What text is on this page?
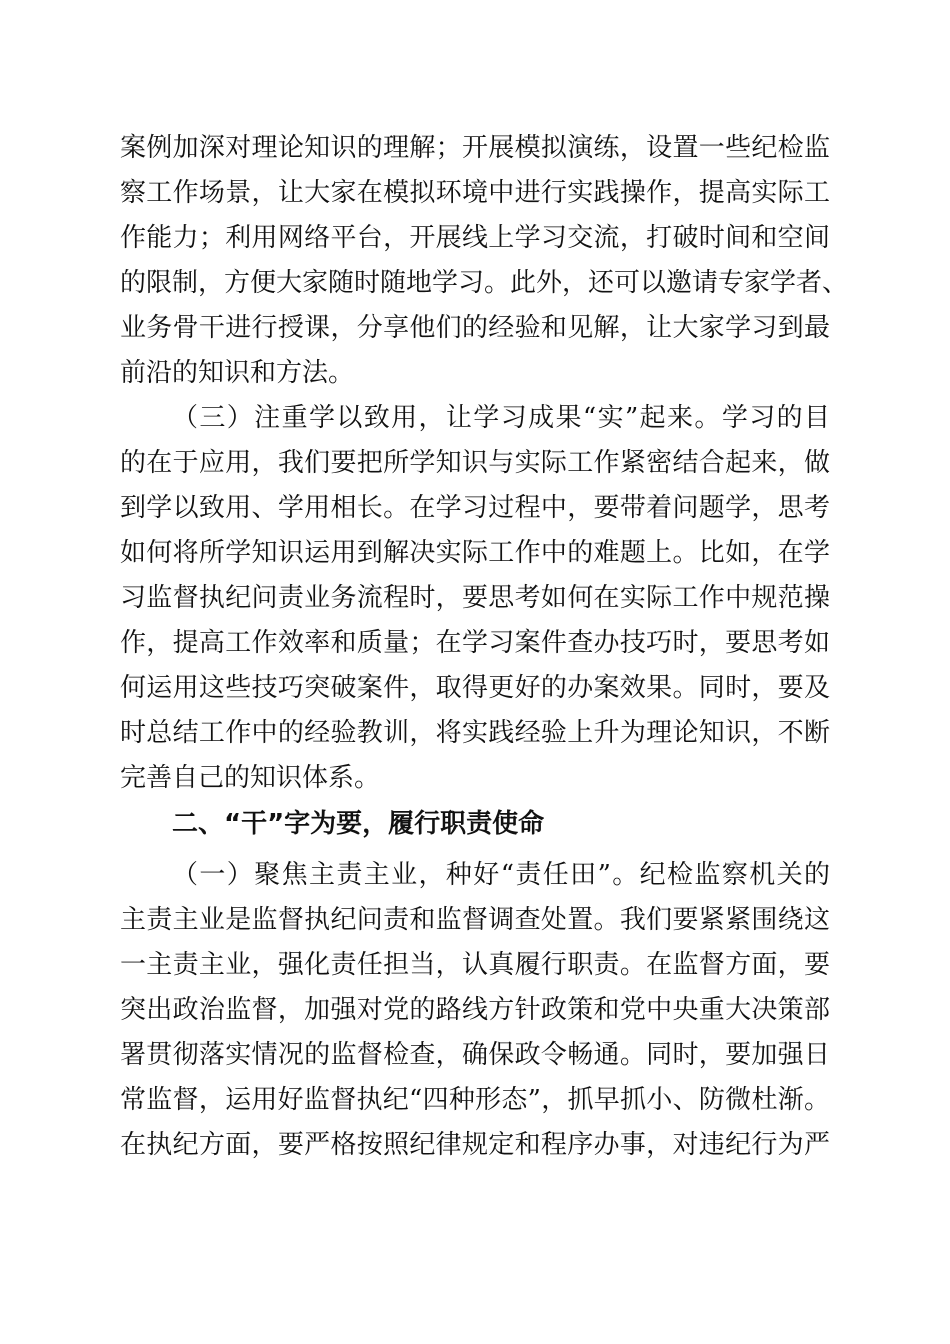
案例加深对理论知识的理解；开展模拟演练，设置一些纪检监
察工作场景，让大家在模拟环境中进行实践操作，提高实际工
作能力；利用网络平台，开展线上学习交流，打破时间和空间
的限制，方便大家随时随地学习。此外，还可以邀请专家学者、
业务骨干进行授课，分享他们的经验和见解，让大家学习到最
前沿的知识和方法。
（三）注重学以致用，让学习成果“实”起来。学习的目
的在于应用，我们要把所学知识与实际工作紧密结合起来，做
到学以致用、学用相长。在学习过程中，要带着问题学，思考
如何将所学知识运用到解决实际工作中的难题上。比如，在学
习监督执纪问责业务流程时，要思考如何在实际工作中规范操
作，提高工作效率和质量；在学习案件查办技巧时，要思考如
何运用这些技巧突破案件，取得更好的办案效果。同时，要及
时总结工作中的经验教训，将实践经验上升为理论知识，不断
完善自己的知识体系。
二、“干”字为要，履行职责使命
（一）聚焦主责主业，种好“责任田”。纪检监察机关的
主责主业是监督执纪问责和监督调查处置。我们要紧紧围绕这
一主责主业，强化责任担当，认真履行职责。在监督方面，要
突出政治监督，加强对党的路线方针政策和党中央重大决策部
署贯彻落实情况的监督检查，确保政令畅通。同时，要加强日
常监督，运用好监督执纪“四种形态”，抓早抓小、防微杜渐。
在执纪方面，要严格按照纪律规定和程序办事，对违纪行为严
